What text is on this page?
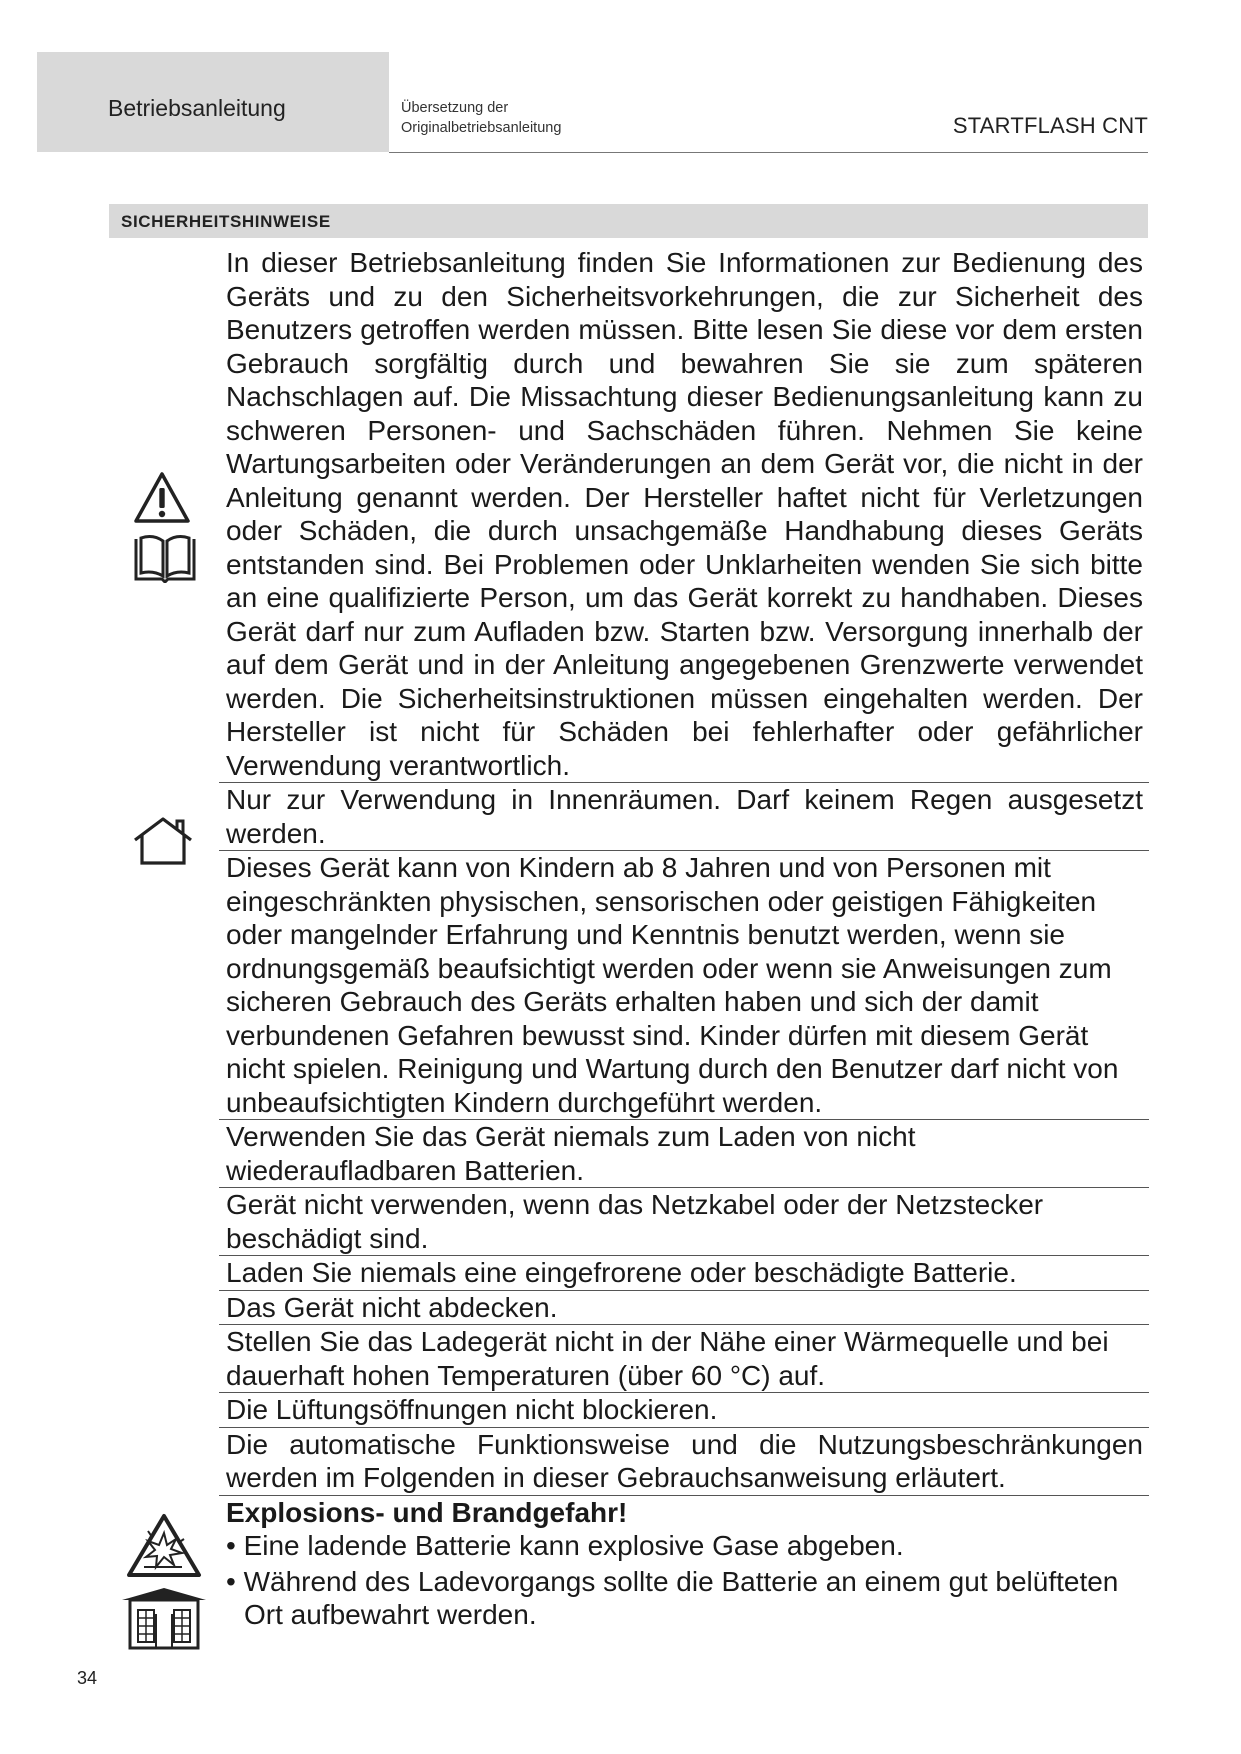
Betriebsanleitung	Übersetzung der
Originalbetriebsanleitung	STARTFLASH CNT
SICHERHEITSHINWEISE

In dieser Betriebsanleitung finden Sie Informationen zur Bedienung des Geräts und zu den Sicherheitsvorkehrungen, die zur Sicherheit des Benutzers getroffen werden müssen. Bitte lesen Sie diese vor dem ersten Gebrauch sorgfältig durch und bewahren Sie sie zum späteren Nachschlagen auf. Die Missachtung dieser Bedienungsanleitung kann zu schweren Personen- und Sachschäden führen. Nehmen Sie keine Wartungsarbeiten oder Veränderungen an dem Gerät vor, die nicht in der Anleitung genannt werden. Der Hersteller haftet nicht für Verletzungen oder Schäden, die durch unsachgemäße Handhabung dieses Geräts entstanden sind. Bei Problemen oder Unklarheiten wenden Sie sich bitte an eine qualifizierte Person, um das Gerät korrekt zu handhaben. Dieses Gerät darf nur zum Aufladen bzw. Starten bzw. Versorgung innerhalb der auf dem Gerät und in der Anleitung angegebenen Grenzwerte verwendet werden. Die Sicherheitsinstruktionen müssen eingehalten werden. Der Hersteller ist nicht für Schäden bei fehlerhafter oder gefährlicher Verwendung verantwortlich.

Nur zur Verwendung in Innenräumen. Darf keinem Regen ausgesetzt werden.

Dieses Gerät kann von Kindern ab 8 Jahren und von Personen mit eingeschränkten physischen, sensorischen oder geistigen Fähigkeiten oder mangelnder Erfahrung und Kenntnis benutzt werden, wenn sie ordnungsgemäß beaufsichtigt werden oder wenn sie Anweisungen zum sicheren Gebrauch des Geräts erhalten haben und sich der damit verbundenen Gefahren bewusst sind. Kinder dürfen mit diesem Gerät nicht spielen. Reinigung und Wartung durch den Benutzer darf nicht von unbeaufsichtigten Kindern durchgeführt werden.

Verwenden Sie das Gerät niemals zum Laden von nicht wiederaufladbaren Batterien.

Gerät nicht verwenden, wenn das Netzkabel oder der Netzstecker beschädigt sind.

Laden Sie niemals eine eingefrorene oder beschädigte Batterie.

Das Gerät nicht abdecken.

Stellen Sie das Ladegerät nicht in der Nähe einer Wärmequelle und bei dauerhaft hohen Temperaturen (über 60 °C) auf.

Die Lüftungsöffnungen nicht blockieren.

Die automatische Funktionsweise und die Nutzungsbeschränkungen werden im Folgenden in dieser Gebrauchsanweisung erläutert.

Explosions- und Brandgefahr!

• Eine ladende Batterie kann explosive Gase abgeben.

• Während des Ladevorgangs sollte die Batterie an einem gut belüfteten Ort aufbewahrt werden.

34
